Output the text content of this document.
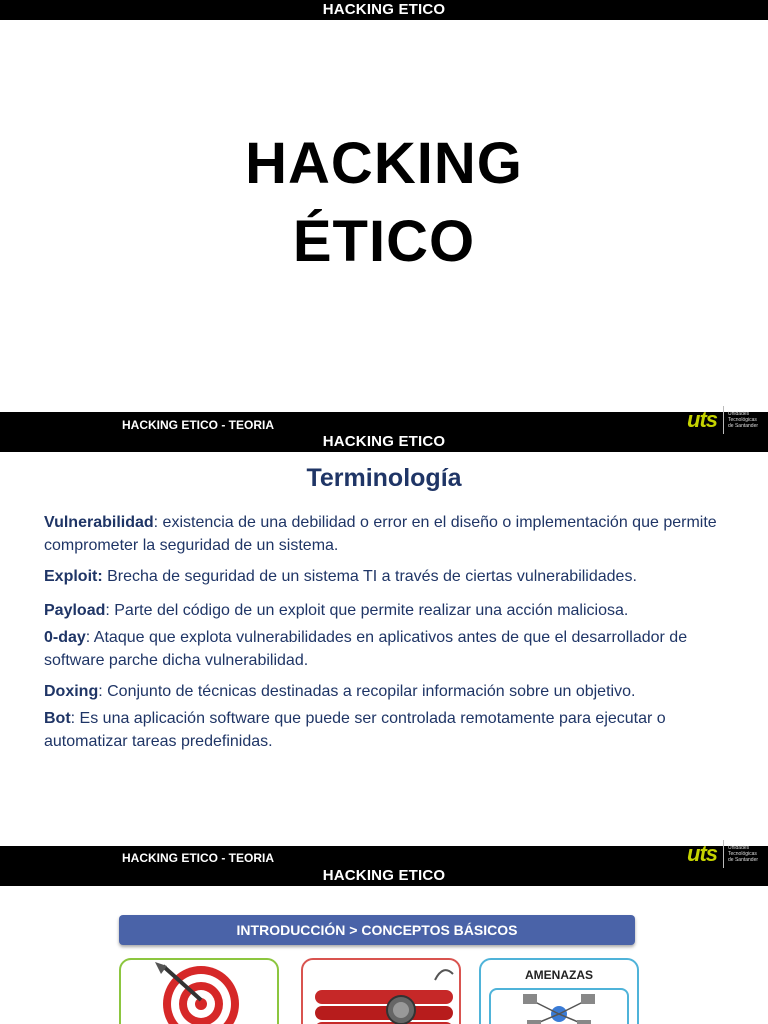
HACKING ETICO
HACKING
ÉTICO
HACKING ETICO - TEORIA
HACKING ETICO
uts Unidades Tecnológicas de Santander
Terminología
Vulnerabilidad: existencia de una debilidad o error en el diseño o implementación que permite comprometer la seguridad de un sistema.
Exploit: Brecha de seguridad de un sistema TI a través de ciertas vulnerabilidades.
Payload: Parte del código de un exploit que permite realizar una acción maliciosa.
0-day: Ataque que explota vulnerabilidades en aplicativos antes de que el desarrollador de software parche dicha vulnerabilidad.
Doxing: Conjunto de técnicas destinadas a recopilar información sobre un objetivo.
Bot: Es una aplicación software que puede ser controlada remotamente para ejecutar o automatizar tareas predefinidas.
HACKING ETICO - TEORIA
HACKING ETICO
uts Unidades Tecnológicas de Santander
INTRODUCCIÓN > CONCEPTOS BÁSICOS
AMENAZAS
